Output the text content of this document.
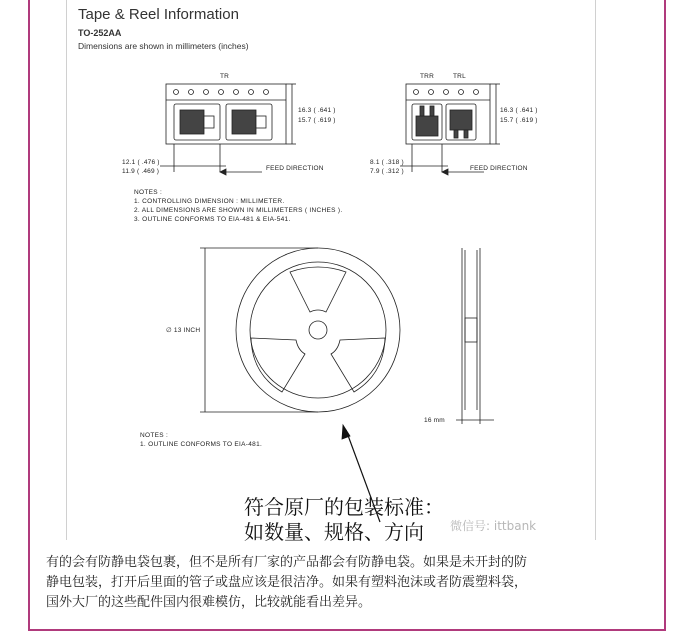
Tape & Reel Information
TO-252AA
Dimensions are shown in millimeters (inches)
TR
16.3 ( .641 )
15.7 ( .619 )
12.1 ( .476 )
11.9 ( .469 )	FEED DIRECTION
TRR	TRL
16.3 ( .641 )
15.7 ( .619 )
8.1 ( .318 )
7.9 ( .312 )	FEED DIRECTION
NOTES :
1. CONTROLLING DIMENSION : MILLIMETER.
2. ALL DIMENSIONS ARE SHOWN IN MILLIMETERS ( INCHES ).
3. OUTLINE CONFORMS TO EIA-481 & EIA-541.
∅ 13 INCH
16 mm
NOTES :
1. OUTLINE CONFORMS TO EIA-481.
符合原厂的包装标准：
如数量、规格、方向	微信号: ittbank
有的会有防静电袋包裹，但不是所有厂家的产品都会有防静电袋。如果是未开封的防
静电包装，打开后里面的管子或盘应该是很洁净。如果有塑料泡沫或者防震塑料袋，
国外大厂的这些配件国内很难模仿，比较就能看出差异。
